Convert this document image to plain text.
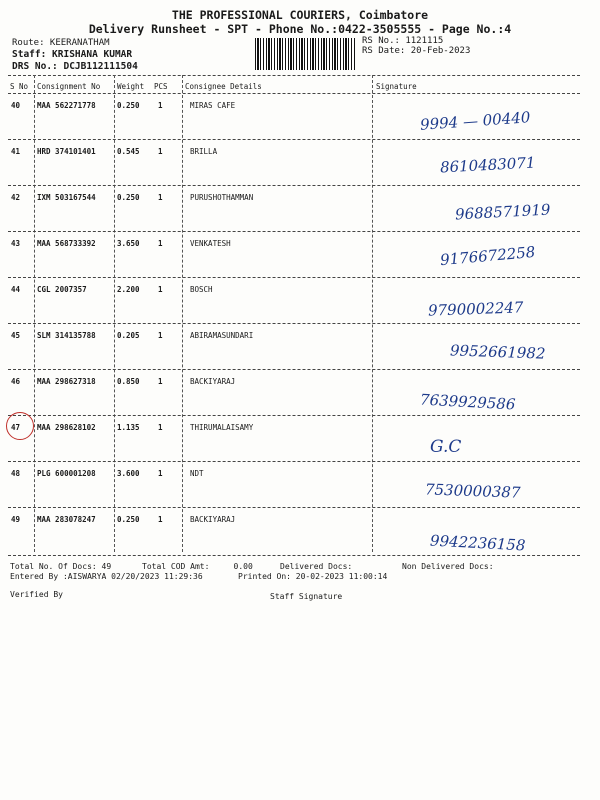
THE PROFESSIONAL COURIERS, Coimbatore
Delivery Runsheet - SPT - Phone No.:0422-3505555 - Page No.:4
Route: KEERANATHAM
Staff: KRISHANA KUMAR
DRS No.: DCJB112111504
RS No.: 1121115
RS Date: 20-Feb-2023
S No Consignment No Weight PCS Consignee Details	Signature
40 MAA 562271778	0.250 1	MIRAS CAFE
9994 — 00440
41 HRD 374101401	0.545 1	BRILLA
8610483071
42 IXM 503167544	0.250 1	PURUSHOTHAMMAN
9688571919
43 MAA 568733392	3.650 1	VENKATESH	9176672258
44 CGL 2007357	2.200 1	BOSCH
9790002247
45 SLM 314135788	0.205 1	ABIRAMASUNDARI
9952661982
46 MAA 298627318	0.850 1	BACKIYARAJ
7639929586
47 MAA 298628102	1.135 1	THIRUMALAISAMY
G.C
48 PLG 600001208	3.600 1	NDT
7530000387
49 MAA 283078247	0.250 1	BACKIYARAJ
9942236158
Total No. Of Docs: 49	Total COD Amt:     0.00	Delivered Docs:	Non Delivered Docs:
Entered By :AISWARYA 02/20/2023 11:29:36	Printed On: 20-02-2023 11:00:14
Verified By	Staff Signature
